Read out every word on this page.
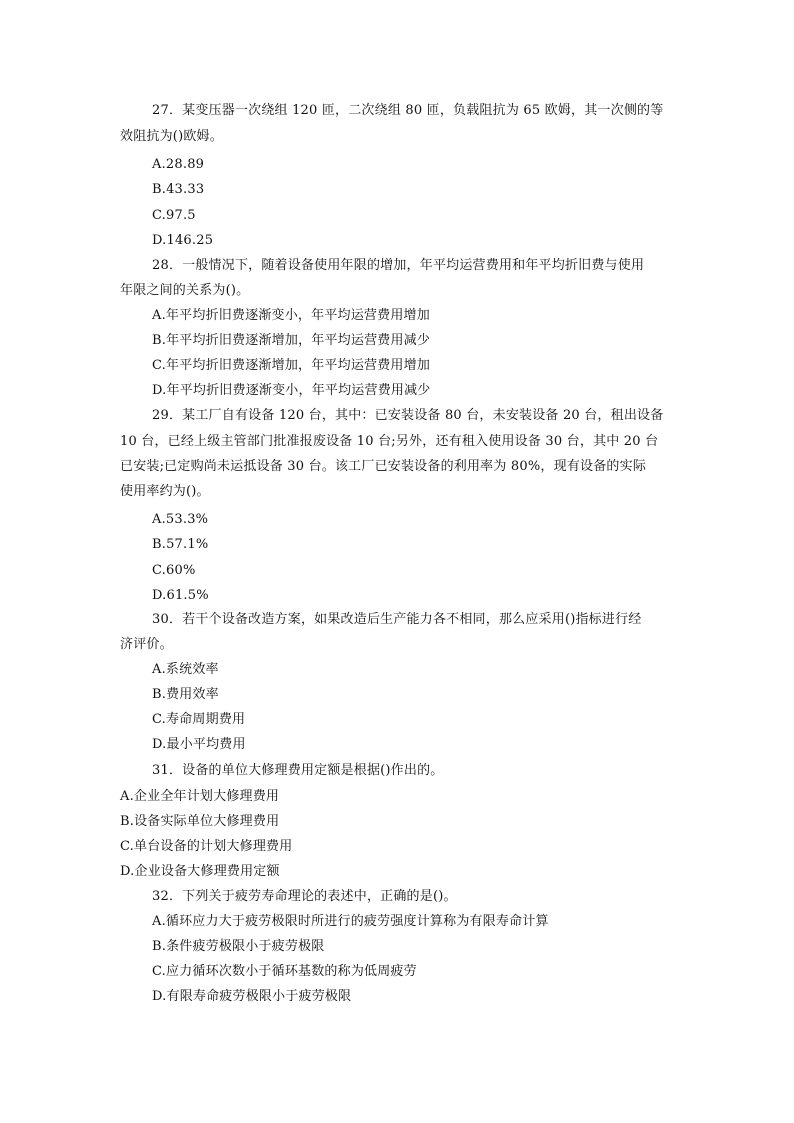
27．某变压器一次绕组 120 匝，二次绕组 80 匝，负载阻抗为 65 欧姆，其一次侧的等
效阻抗为()欧姆。
A.28.89
B.43.33
C.97.5
D.146.25
28．一般情况下，随着设备使用年限的增加，年平均运营费用和年平均折旧费与使用
年限之间的关系为()。
A.年平均折旧费逐渐变小，年平均运营费用增加
B.年平均折旧费逐渐增加，年平均运营费用减少
C.年平均折旧费逐渐增加，年平均运营费用增加
D.年平均折旧费逐渐变小，年平均运营费用减少
29．某工厂自有设备 120 台，其中：已安装设备 80 台，未安装设备 20 台，租出设备
10 台，已经上级主管部门批准报废设备 10 台;另外，还有租入使用设备 30 台，其中 20 台
已安装;已定购尚未运抵设备 30 台。该工厂已安装设备的利用率为 80%，现有设备的实际
使用率约为()。
A.53.3%
B.57.1%
C.60%
D.61.5%
30．若干个设备改造方案，如果改造后生产能力各不相同，那么应采用()指标进行经
济评价。
A.系统效率
B.费用效率
C.寿命周期费用
D.最小平均费用
31．设备的单位大修理费用定额是根据()作出的。
A.企业全年计划大修理费用
B.设备实际单位大修理费用
C.单台设备的计划大修理费用
D.企业设备大修理费用定额
32．下列关于疲劳寿命理论的表述中，正确的是()。
A.循环应力大于疲劳极限时所进行的疲劳强度计算称为有限寿命计算
B.条件疲劳极限小于疲劳极限
C.应力循环次数小于循环基数的称为低周疲劳
D.有限寿命疲劳极限小于疲劳极限
